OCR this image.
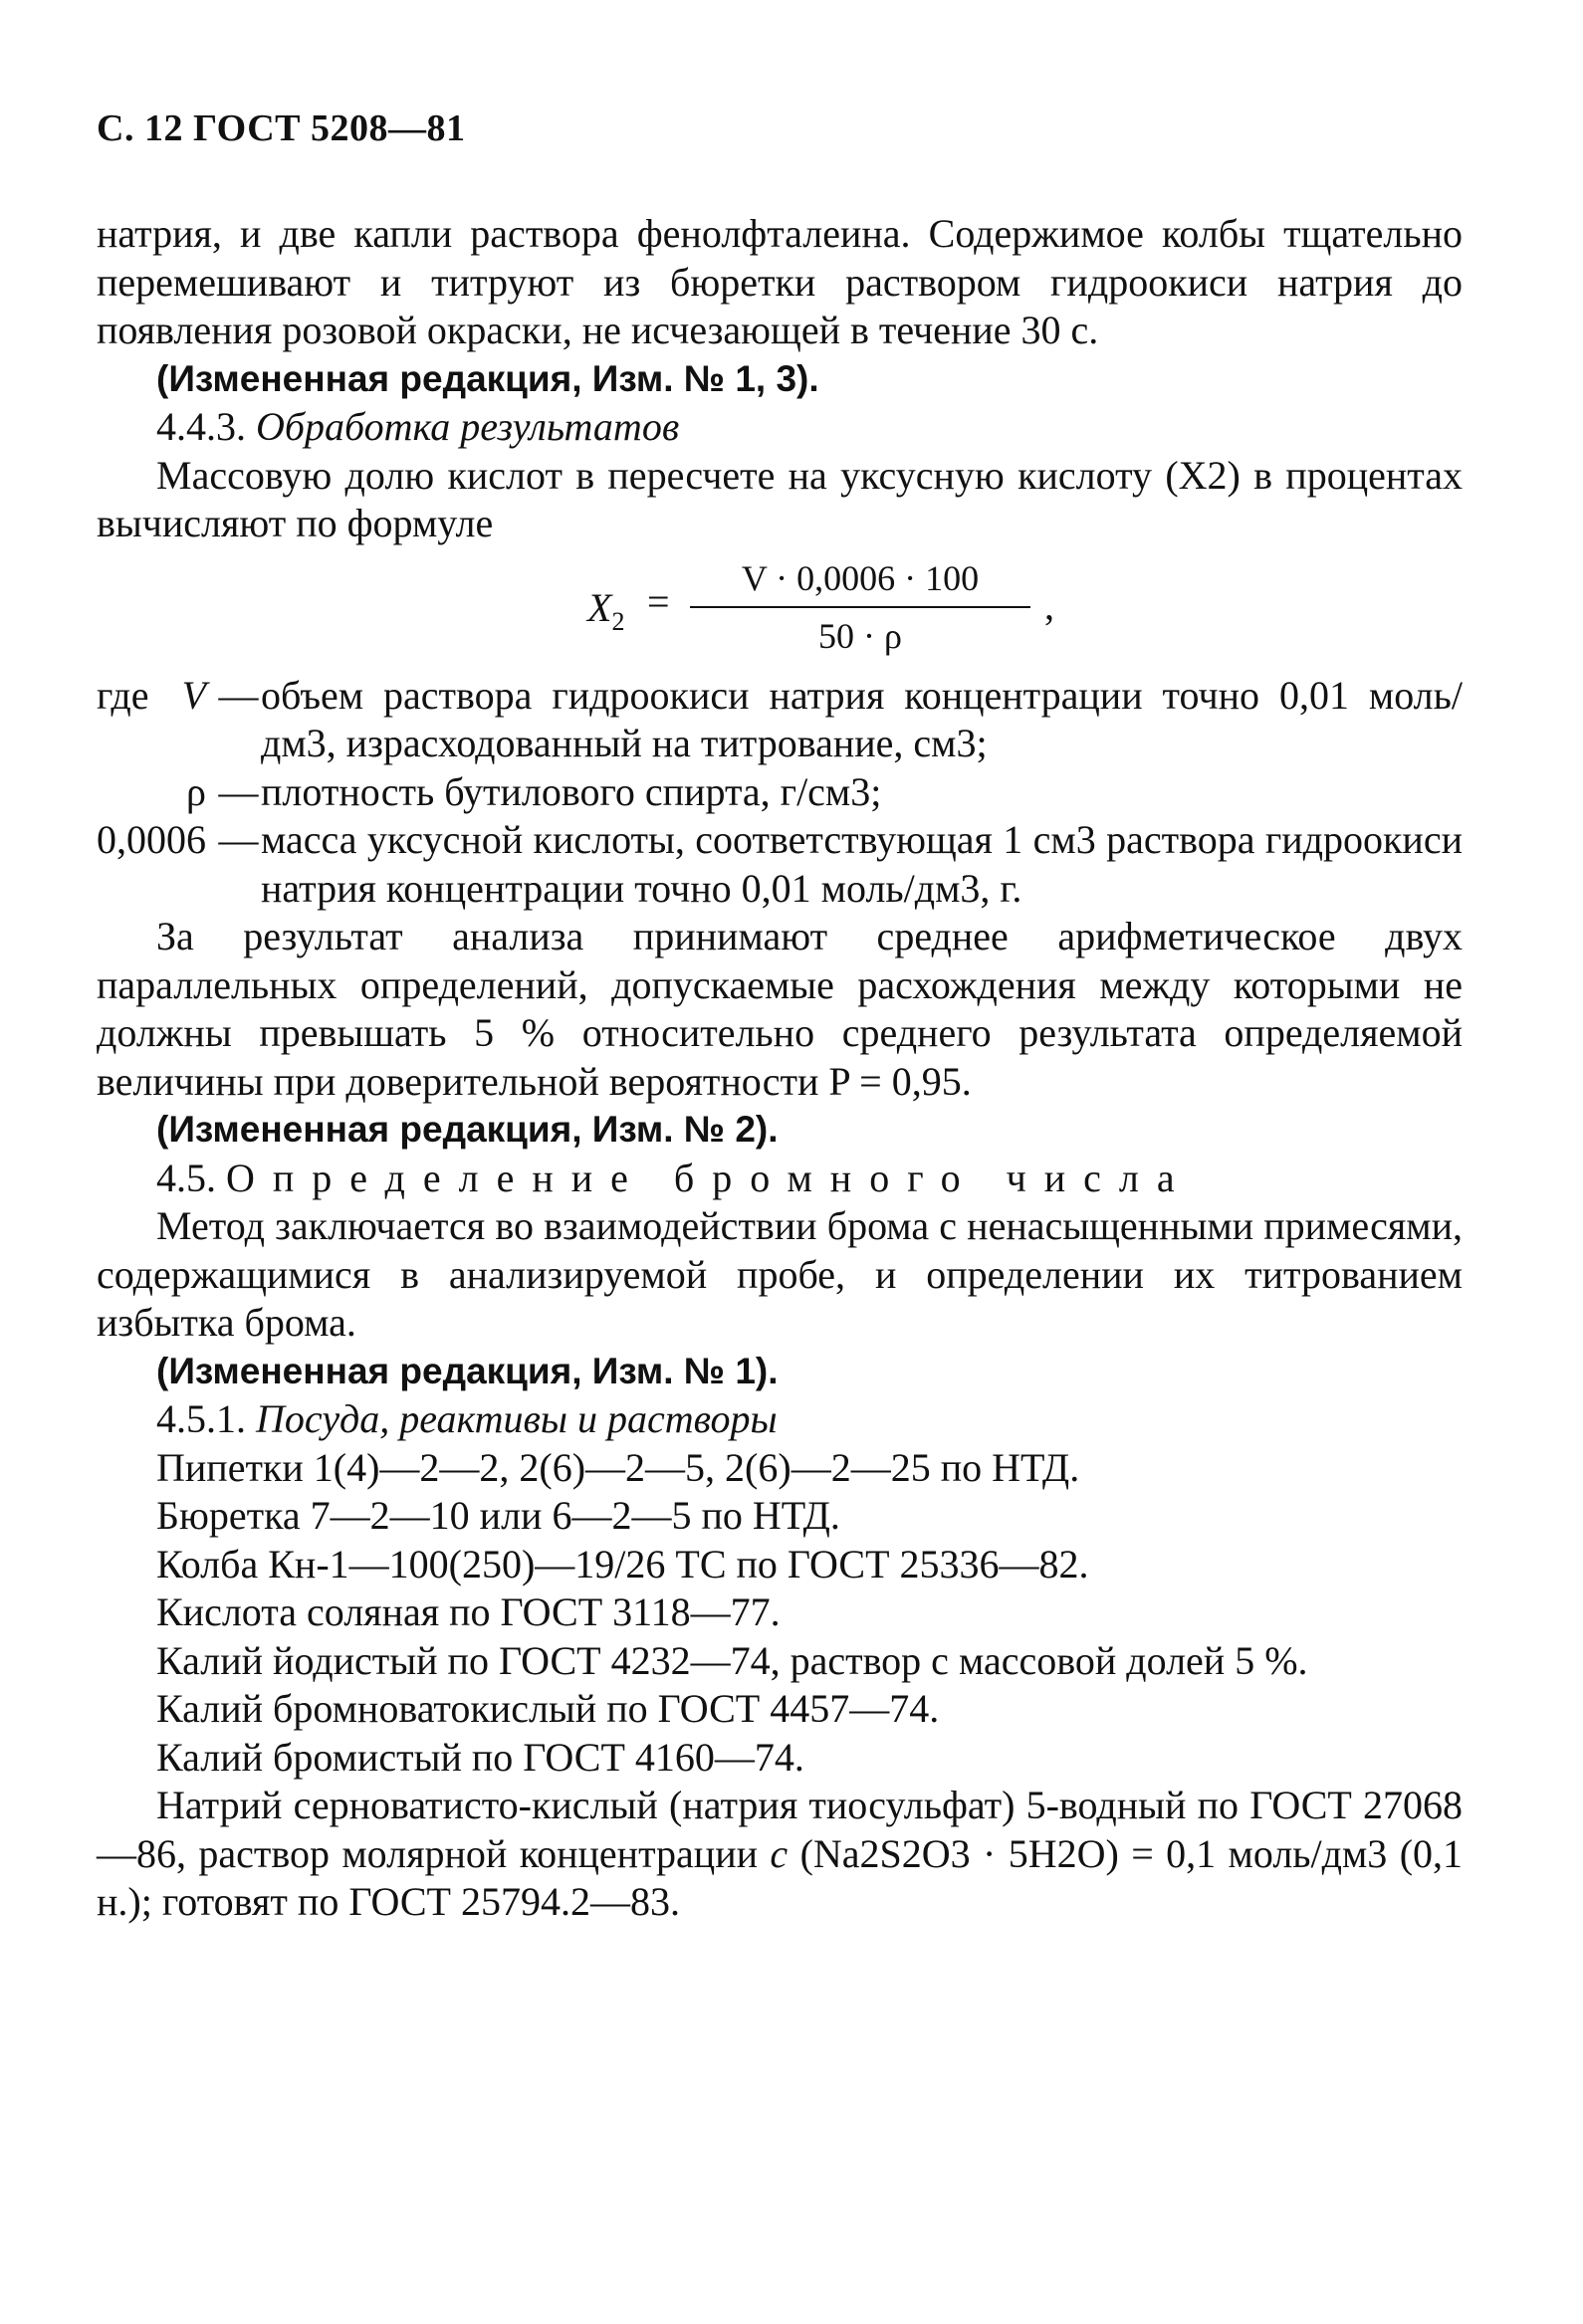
С. 12 ГОСТ 5208—81

натрия, и две капли раствора фенолфталеина. Содержимое колбы тщательно перемешивают и титруют из бюретки раствором гидроокиси натрия до появления розовой окраски, не исчезающей в течение 30 с.

(Измененная редакция, Изм. № 1, 3).

4.4.3. Обработка результатов

Массовую долю кислот в пересчете на уксусную кислоту (X2) в процентах вычисляют по формуле

$X_2$ =
V · 0,0006 · 100
50 · ρ
,
где V — объем раствора гидроокиси натрия концентрации точно 0,01 моль/дм3, израсходованный на титрование, см3;
ρ — плотность бутилового спирта, г/см3;
0,0006 — масса уксусной кислоты, соответствующая 1 см3 раствора гидроокиси натрия концентрации точно 0,01 моль/дм3, г.

За результат анализа принимают среднее арифметическое двух параллельных определений, допускаемые расхождения между которыми не должны превышать 5 % относительно среднего результата определяемой величины при доверительной вероятности P = 0,95.

(Измененная редакция, Изм. № 2).

4.5. Определение бромного числа

Метод заключается во взаимодействии брома с ненасыщенными примесями, содержащимися в анализируемой пробе, и определении их титрованием избытка брома.

(Измененная редакция, Изм. № 1).

4.5.1. Посуда, реактивы и растворы

Пипетки 1(4)—2—2, 2(6)—2—5, 2(6)—2—25 по НТД.

Бюретка 7—2—10 или 6—2—5 по НТД.

Колба Кн-1—100(250)—19/26 ТС по ГОСТ 25336—82.

Кислота соляная по ГОСТ 3118—77.

Калий йодистый по ГОСТ 4232—74, раствор с массовой долей 5 %.

Калий бромноватокислый по ГОСТ 4457—74.

Калий бромистый по ГОСТ 4160—74.

Натрий серноватисто-кислый (натрия тиосульфат) 5-водный по ГОСТ 27068—86, раствор молярной концентрации c (Na2S2O3 · 5H2O) = 0,1 моль/дм3 (0,1 н.); готовят по ГОСТ 25794.2—83.
